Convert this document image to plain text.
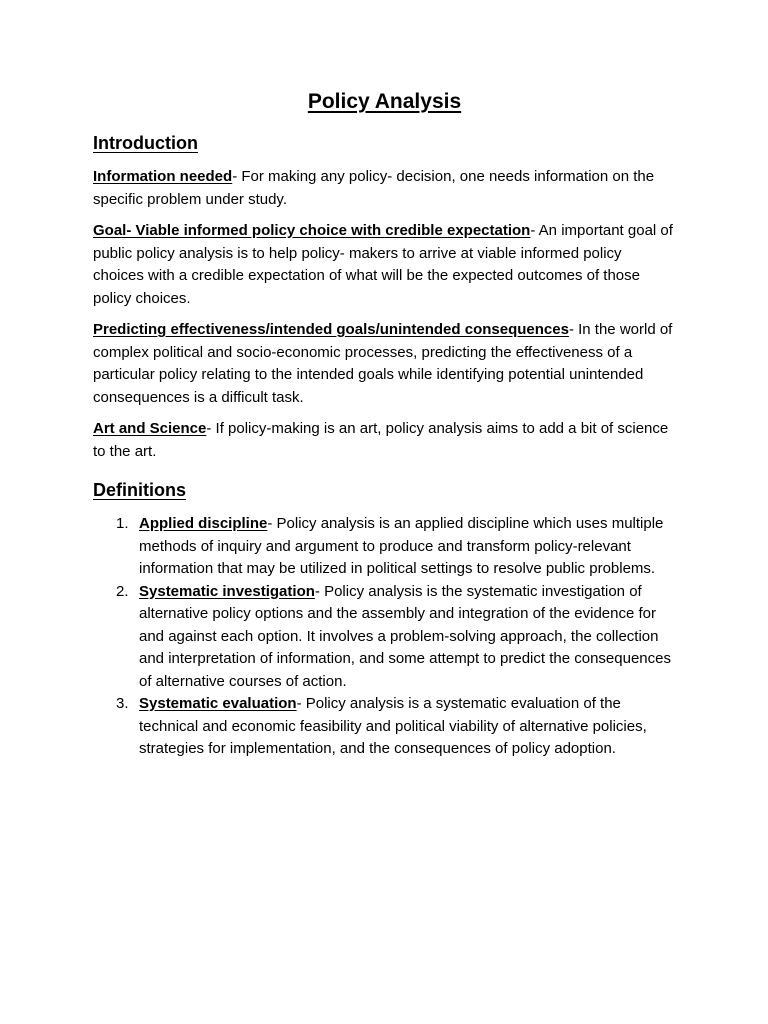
Policy Analysis
Introduction

Information needed- For making any policy- decision, one needs information on the specific problem under study.

Goal- Viable informed policy choice with credible expectation- An important goal of public policy analysis is to help policy- makers to arrive at viable informed policy choices with a credible expectation of what will be the expected outcomes of those policy choices.

Predicting effectiveness/intended goals/unintended consequences- In the world of complex political and socio-economic processes, predicting the effectiveness of a particular policy relating to the intended goals while identifying potential unintended consequences is a difficult task.

Art and Science- If policy-making is an art, policy analysis aims to add a bit of science to the art.

Definitions
1. Applied discipline- Policy analysis is an applied discipline which uses multiple methods of inquiry and argument to produce and transform policy-relevant information that may be utilized in political settings to resolve public problems.
2. Systematic investigation- Policy analysis is the systematic investigation of alternative policy options and the assembly and integration of the evidence for and against each option. It involves a problem-solving approach, the collection and interpretation of information, and some attempt to predict the consequences of alternative courses of action.
3. Systematic evaluation- Policy analysis is a systematic evaluation of the technical and economic feasibility and political viability of alternative policies, strategies for implementation, and the consequences of policy adoption.
